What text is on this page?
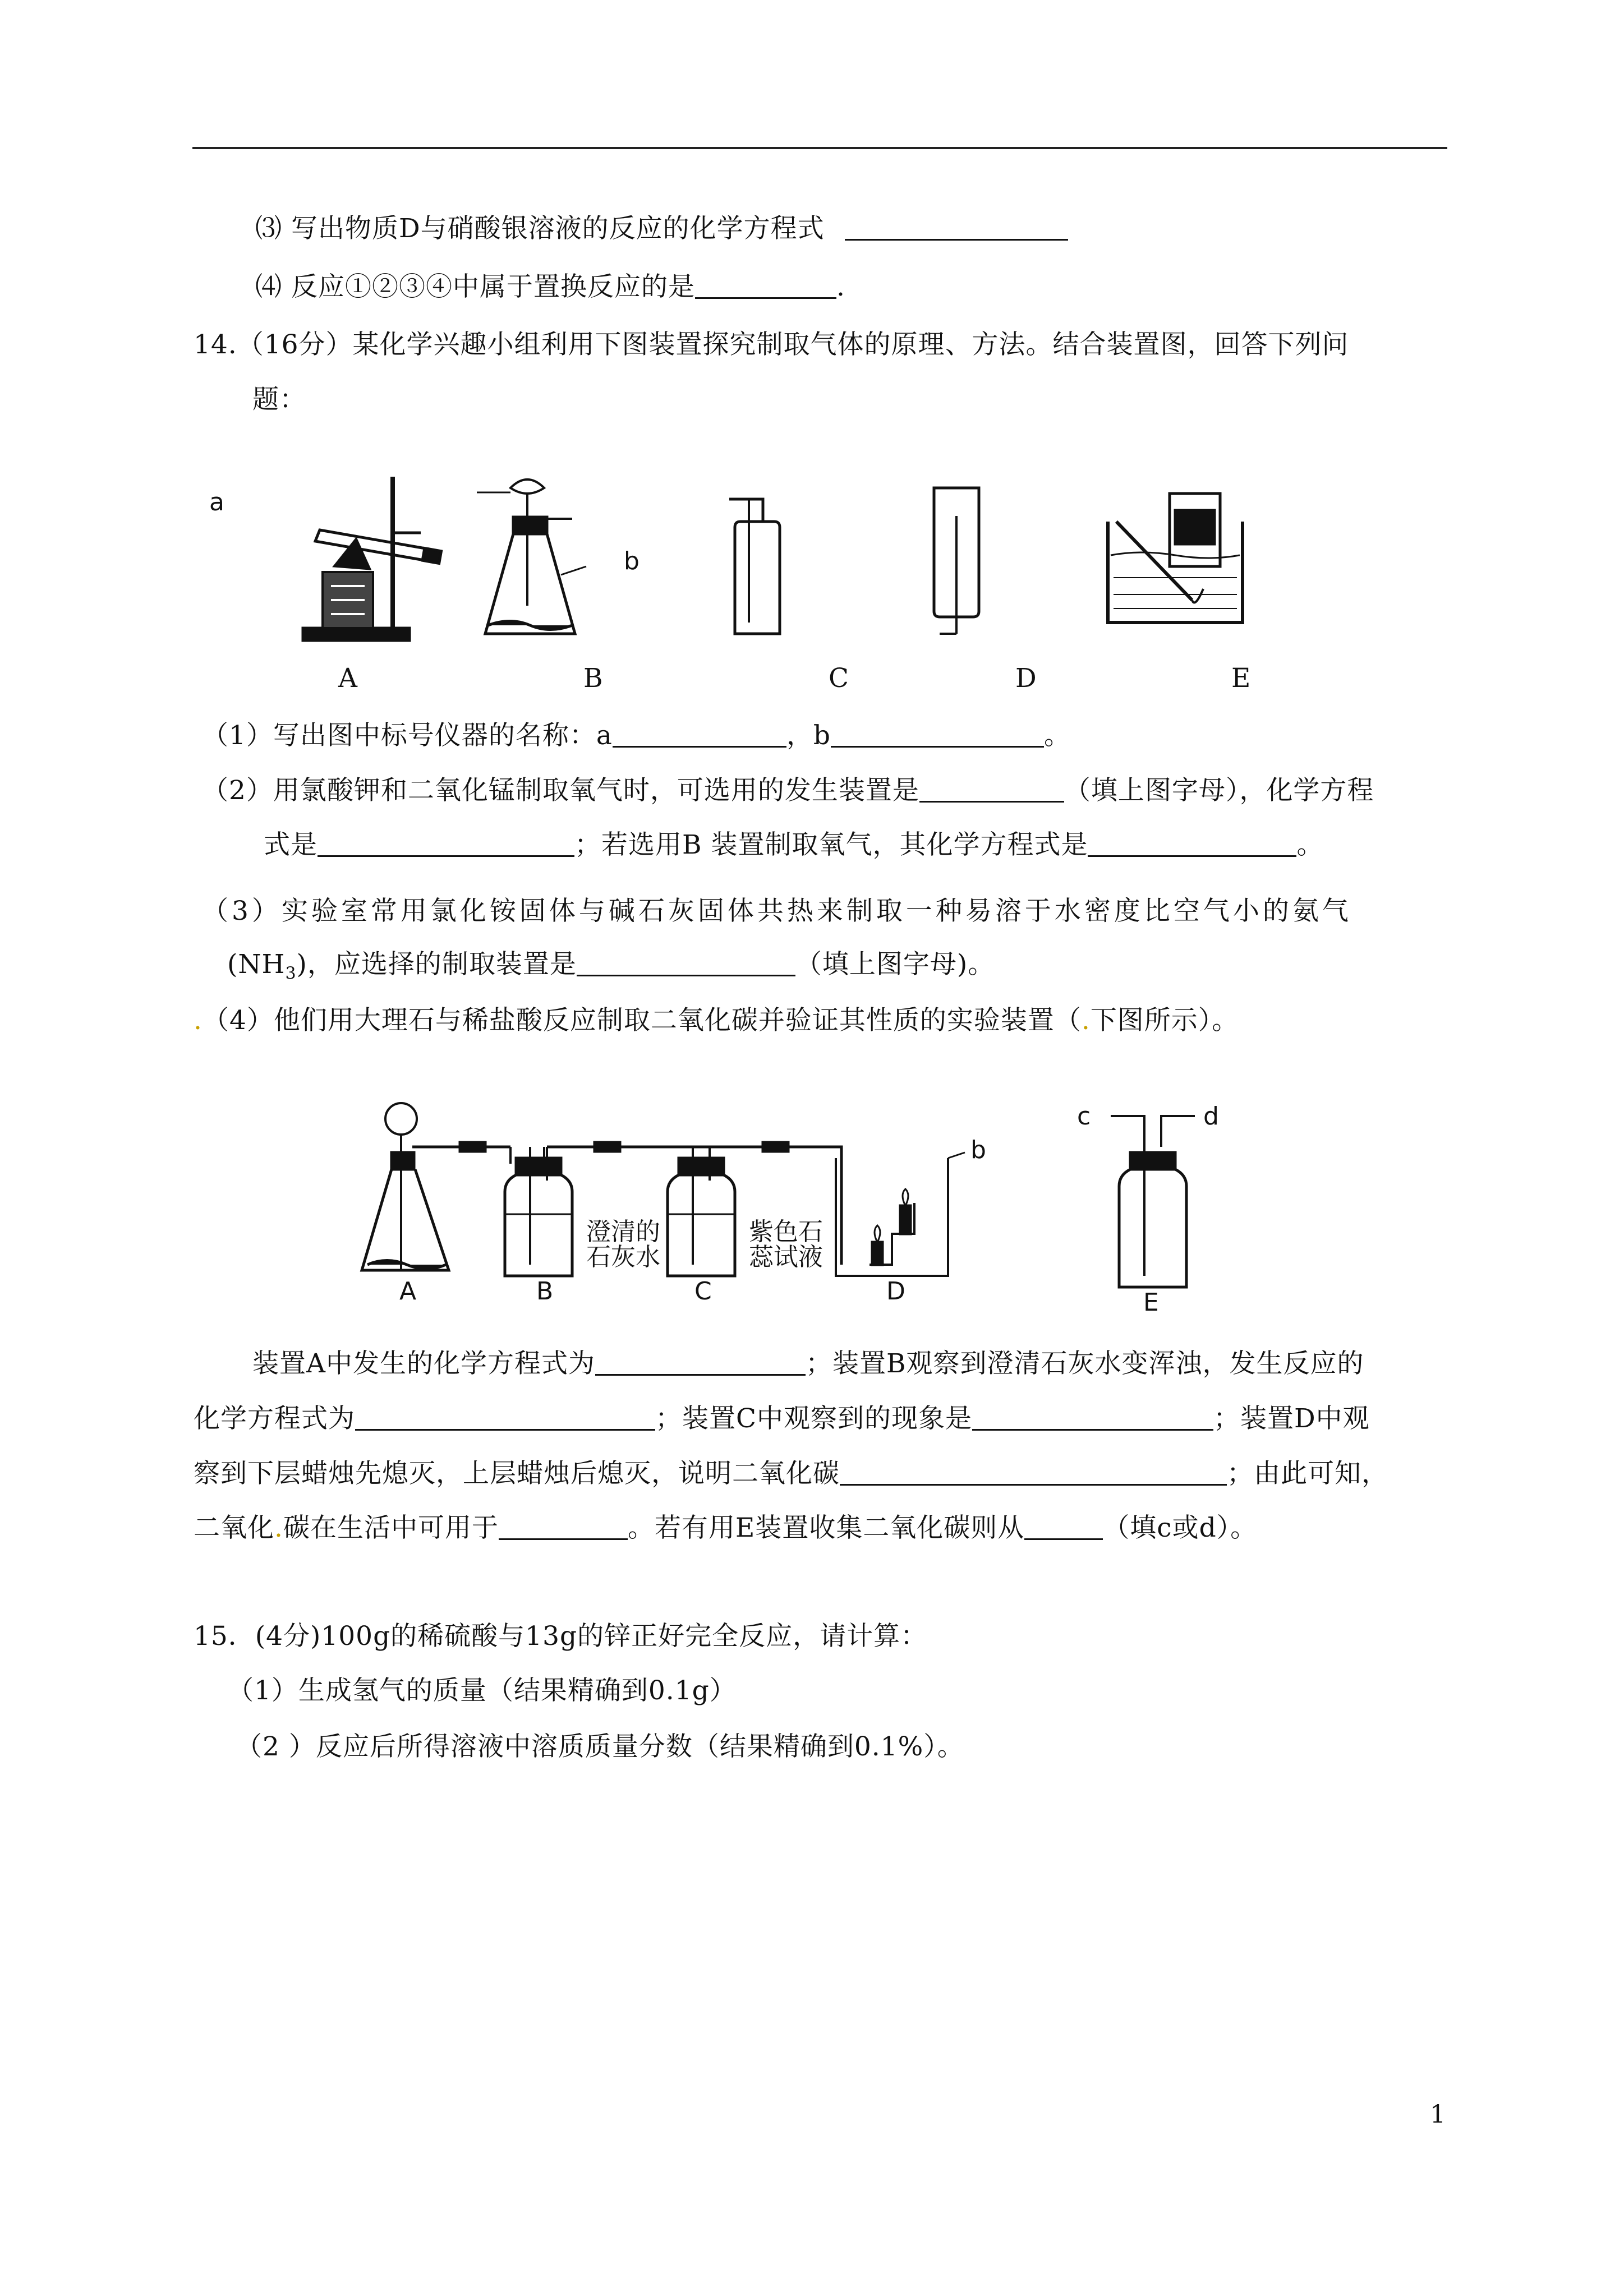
⑶ 写出物质D与硝酸银溶液的反应的化学方程式
⑷ 反应①②③④中属于置换反应的是	.
14.（16分）某化学兴趣小组利用下图装置探究制取气体的原理、方法。结合装置图，回答下列问
题：
a
b
A	B	C	D	E
（1）写出图中标号仪器的名称：a	，b	。
（2）用氯酸钾和二氧化锰制取氧气时，可选用的发生装置是	（填上图字母），化学方程
式是	；若选用B 装置制取氧气，其化学方程式是	。
（3）实验室常用氯化铵固体与碱石灰固体共热来制取一种易溶于水密度比空气小的氨气
$(NH_3)$，应选择的制取装置是	（填上图字母)。
.（4）他们用大理石与稀盐酸反应制取二氧化碳并验证其性质的实验装置（.下图所示）。
澄清的
石灰水
紫色石
蕊试液
b
c	d
A	B	C	D	E
装置A中发生的化学方程式为	；装置B观察到澄清石灰水变浑浊，发生反应的
化学方程式为	；装置C中观察到的现象是	；装置D中观
察到下层蜡烛先熄灭，上层蜡烛后熄灭，说明二氧化碳	；由此可知，
二氧化.碳在生活中可用于	。若有用E装置收集二氧化碳则从	（填c或d）。
15．(4分)100g的稀硫酸与13g的锌正好完全反应，请计算：
（1）生成氢气的质量（结果精确到0.1g）
（2 ）反应后所得溶液中溶质质量分数（结果精确到0.1%）。
1
